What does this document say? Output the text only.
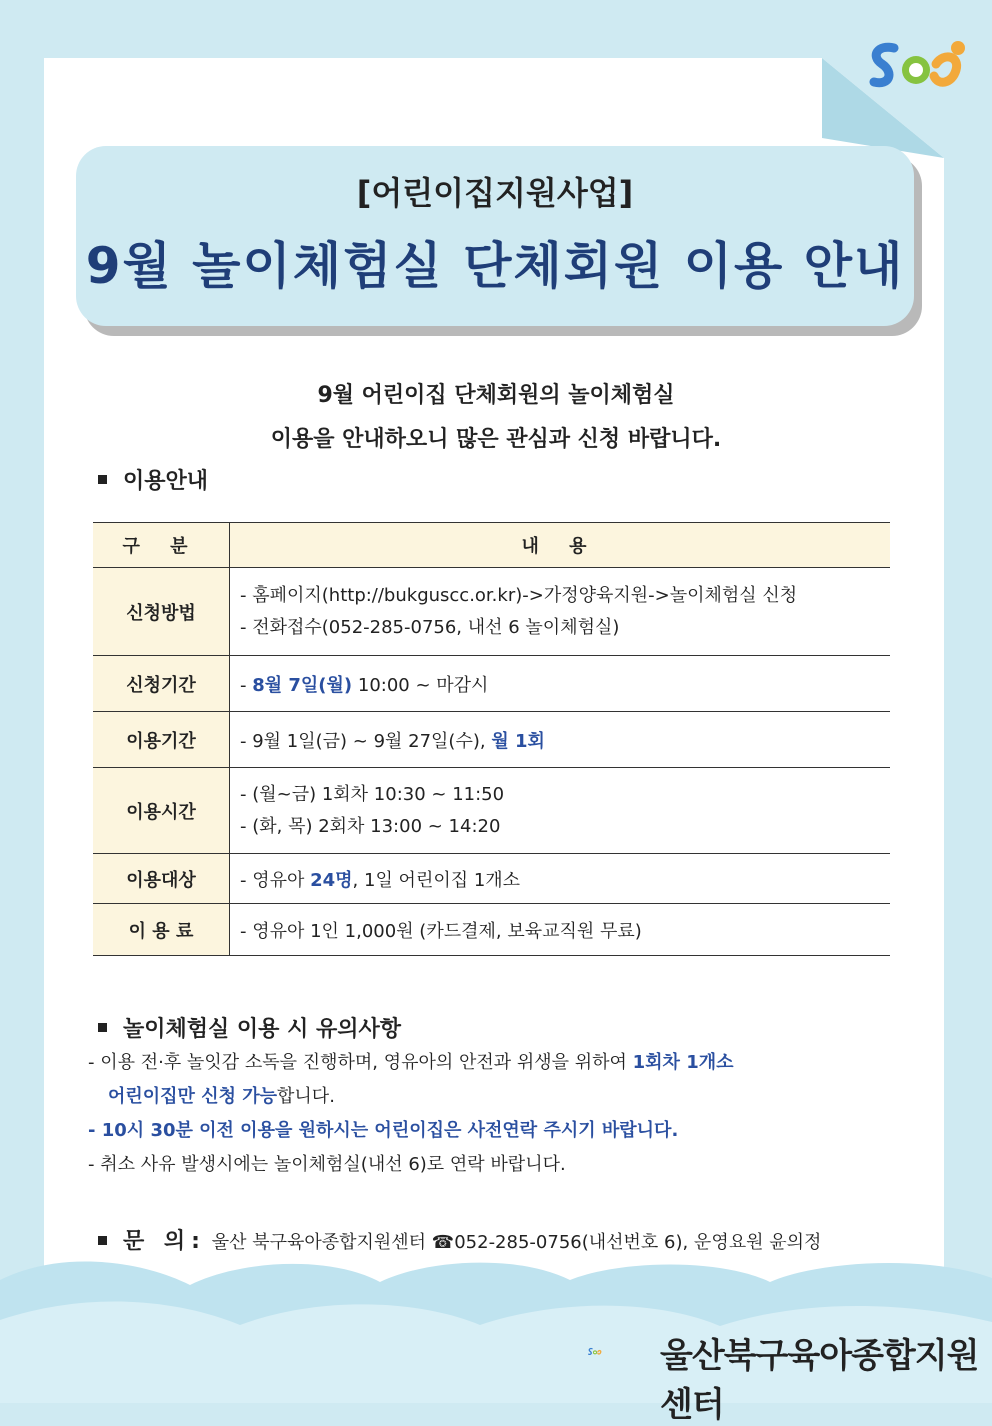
[어린이집지원사업]
9월 놀이체험실 단체회원 이용 안내
9월 어린이집 단체회원의 놀이체험실
이용을 안내하오니 많은 관심과 신청 바랍니다.
이용안내
구 분	내 용
신청방법	- 홈페이지(http://bukguscc.or.kr)->가정양육지원->놀이체험실 신청
- 전화접수(052-285-0756, 내선 6 놀이체험실)

신청기간	- 8월 7일(월) 10:00 ~ 마감시
이용기간	- 9월 1일(금) ~ 9월 27일(수), 월 1회
이용시간	- (월~금) 1회차 10:30 ~ 11:50
- (화, 목) 2회차 13:00 ~ 14:20

이용대상	- 영유아 24명, 1일 어린이집 1개소
이 용 료	- 영유아 1인 1,000원 (카드결제, 보육교직원 무료)
놀이체험실 이용 시 유의사항
- 이용 전·후 놀잇감 소독을 진행하며, 영유아의 안전과 위생을 위하여 1회차 1개소
어린이집만 신청 가능합니다.
- 10시 30분 이전 이용을 원하시는 어린이집은 사전연락 주시기 바랍니다.
- 취소 사유 발생시에는 놀이체험실(내선 6)로 연락 바랍니다.
문 의: 울산 북구육아종합지원센터 ☎052-285-0756(내선번호 6), 운영요원 윤의정
울산북구육아종합지원센터
